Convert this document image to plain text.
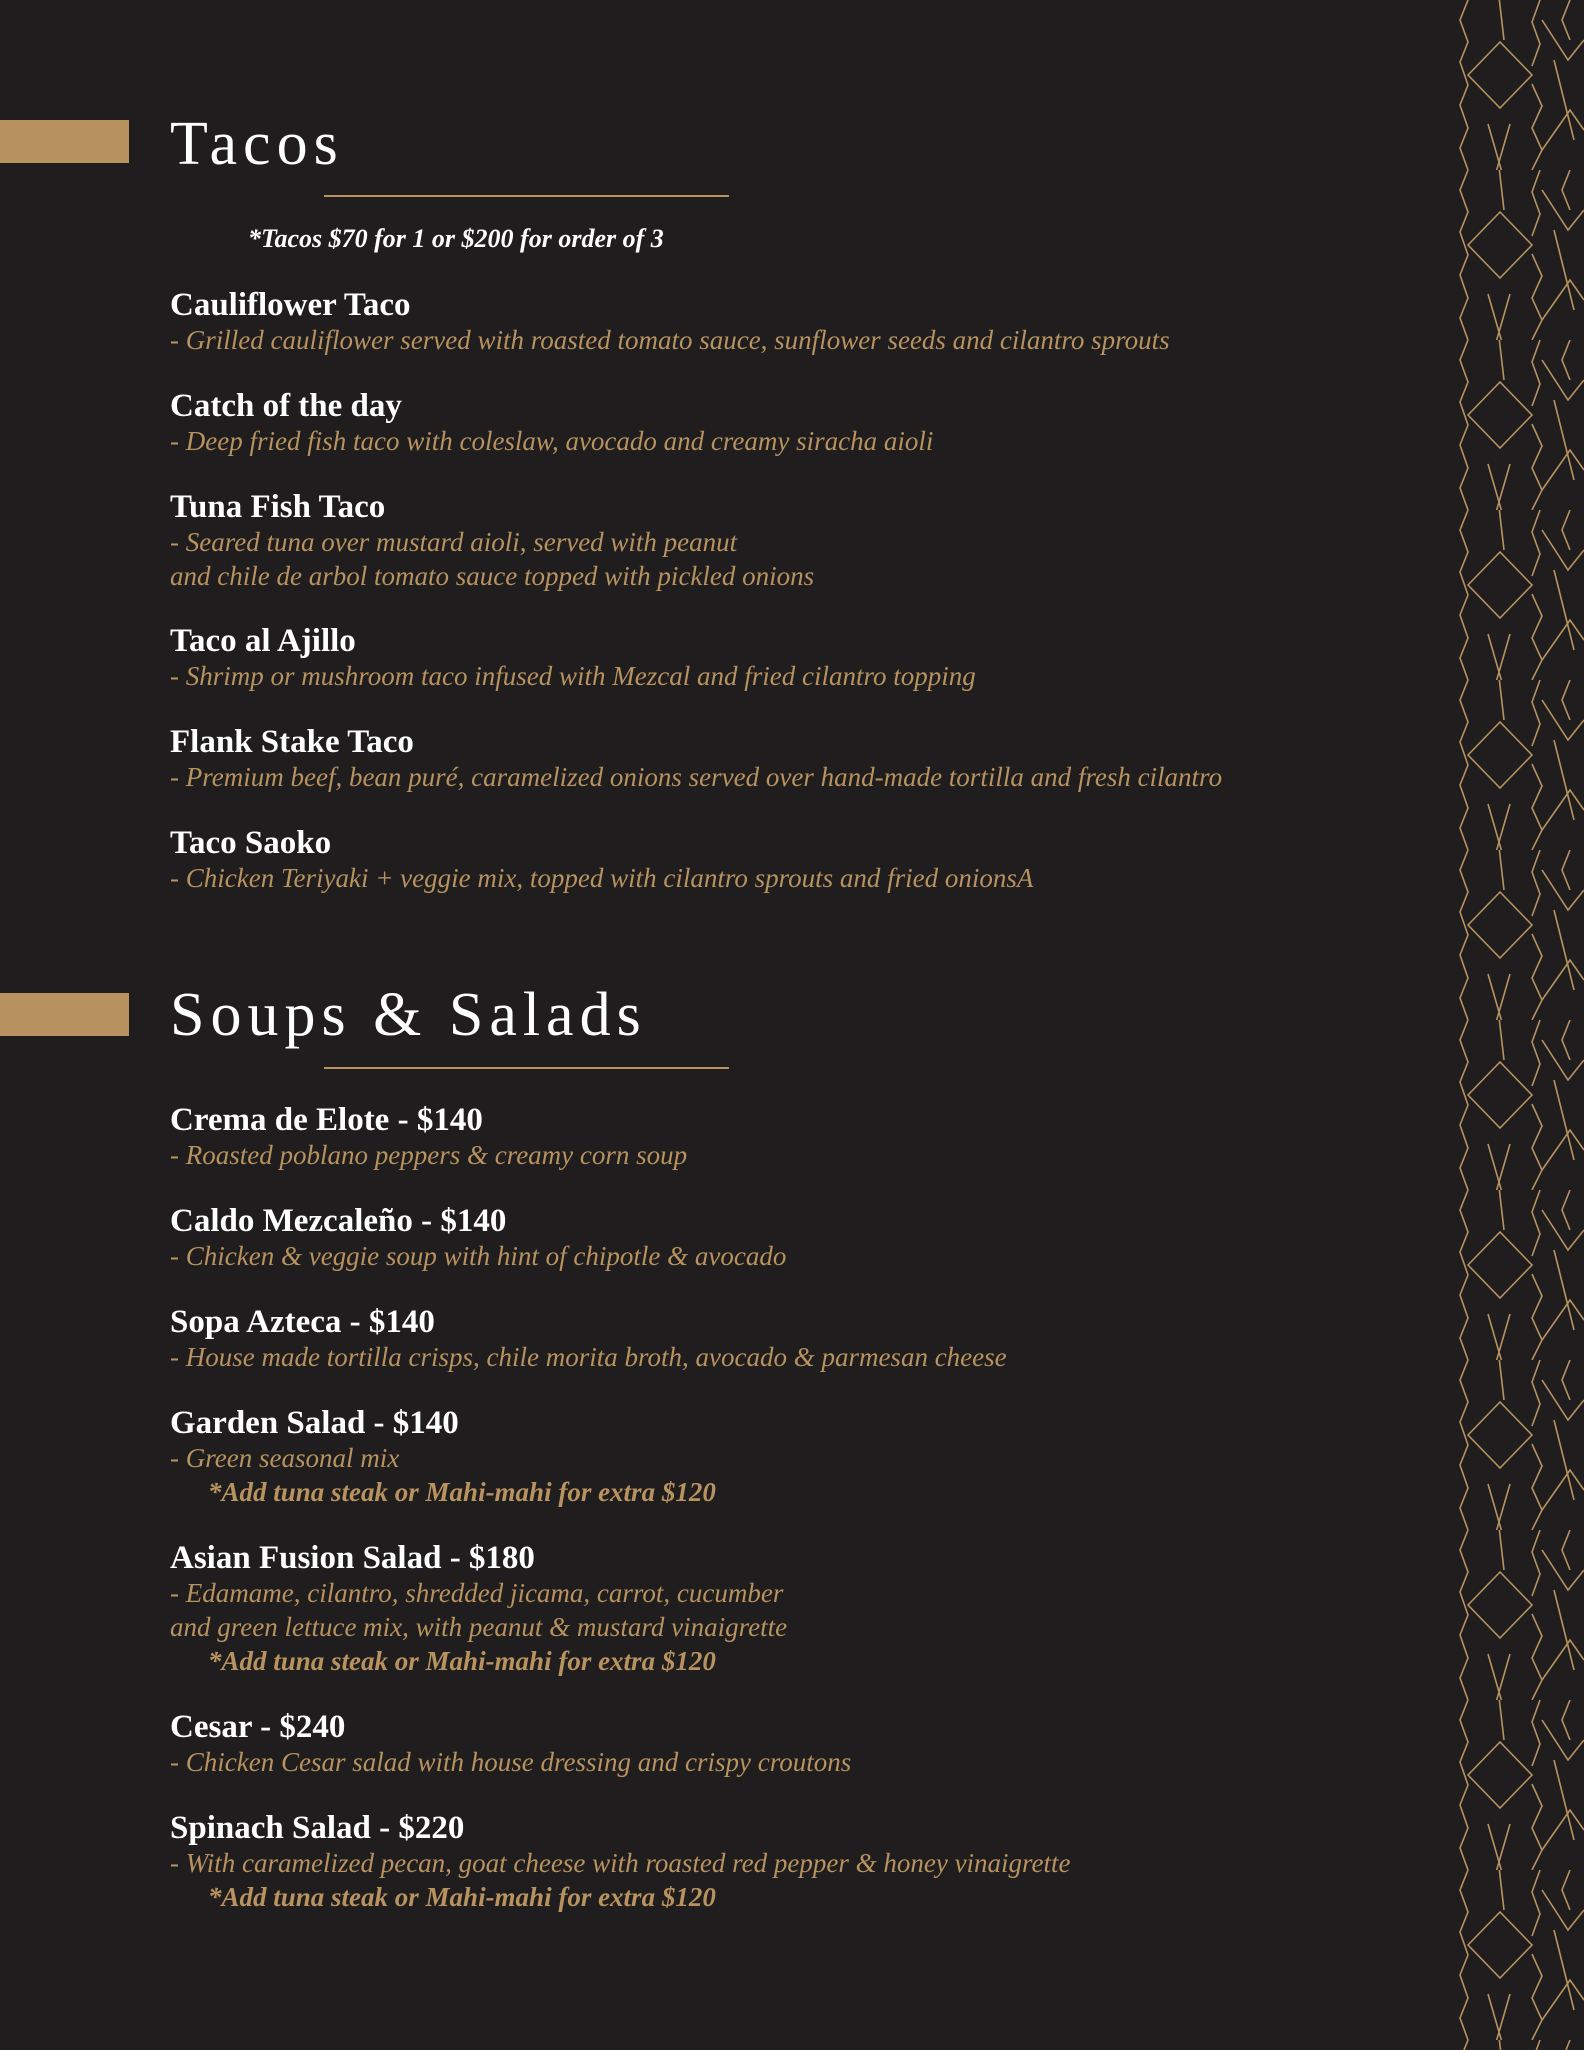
Tacos
*Tacos $70 for 1 or $200 for order of 3
Cauliflower Taco
- Grilled cauliflower served with roasted tomato sauce, sunflower seeds and cilantro sprouts
Catch of the day
- Deep fried fish taco with coleslaw, avocado and creamy siracha aioli
Tuna Fish Taco
- Seared tuna over mustard aioli, served with peanut
and chile de arbol tomato sauce topped with pickled onions
Taco al Ajillo
- Shrimp or mushroom taco infused with Mezcal and fried cilantro topping
Flank Stake Taco
- Premium beef, bean puré, caramelized onions served over hand-made tortilla and fresh cilantro
Taco Saoko
- Chicken Teriyaki + veggie mix, topped with cilantro sprouts and fried onionsA
Soups & Salads
Crema de Elote - $140
- Roasted poblano peppers & creamy corn soup
Caldo Mezcaleño - $140
- Chicken & veggie soup with hint of chipotle & avocado
Sopa Azteca - $140
- House made tortilla crisps, chile morita broth, avocado & parmesan cheese
Garden Salad - $140
- Green seasonal mix
*Add tuna steak or Mahi-mahi for extra $120
Asian Fusion Salad - $180
- Edamame, cilantro, shredded jicama, carrot, cucumber
and green lettuce mix, with peanut & mustard vinaigrette
*Add tuna steak or Mahi-mahi for extra $120
Cesar - $240
- Chicken Cesar salad with house dressing and crispy croutons
Spinach Salad - $220
- With caramelized pecan, goat cheese with roasted red pepper & honey vinaigrette
*Add tuna steak or Mahi-mahi for extra $120
